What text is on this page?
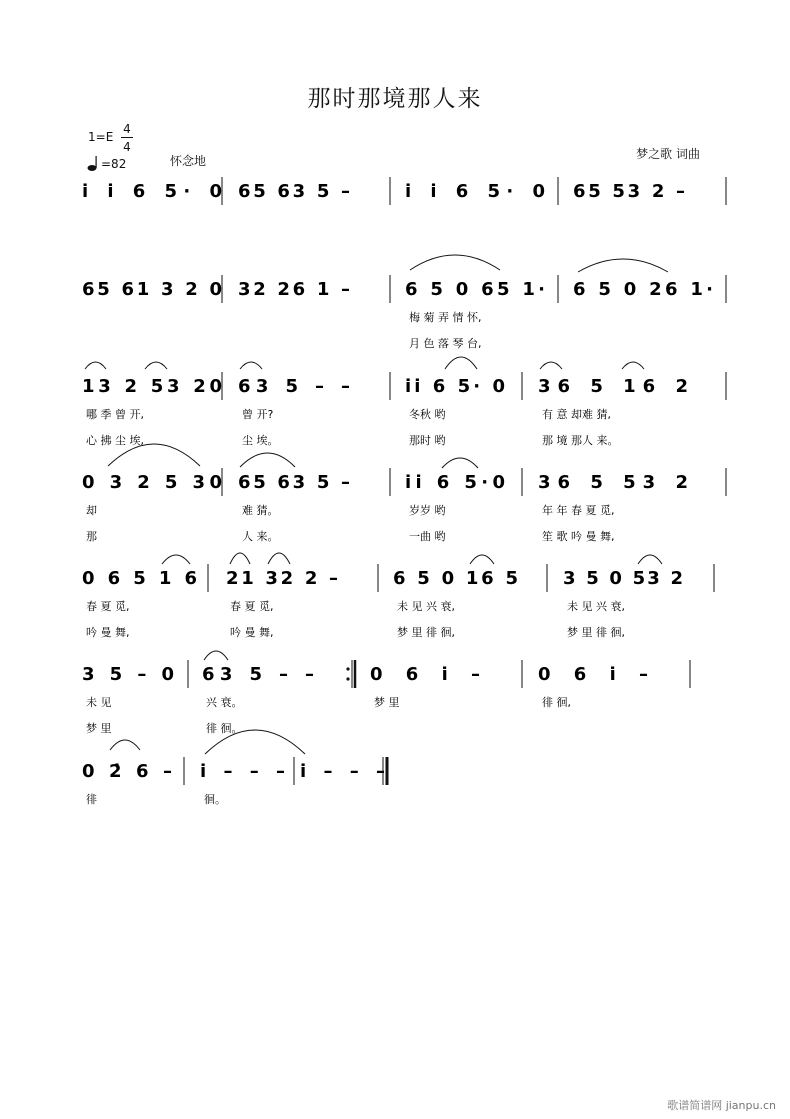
那时那境那人来
1=E
4
4
=82	怀念地	梦之歌 词曲
i̇ i̇ 6 5· 0 65 63 5 –	i̇ i̇ 6 5· 0 65 53 2 –
65 61 3 2 0 32 26 1 –	6 5 0 65 1· 6 5 0 26 1·
梅 菊 弄 情 怀,
月 色 落 琴 台,
13 2 53 20 63 5 – –	i̇i̇ 6 5· 0 36 5 16 2
哪 季 曾 开,	曾 开?	冬秋 哟	有 意 却难 猜,
心 拂 尘 埃,	尘 埃。	那时 哟	那 境 那人 来。
0 3 2 5 30 65 63 5 –	i̇i̇ 6 5·0 36 5 53 2
却	难 猜。	岁岁 哟	年 年 春 夏 觅,
那	人 来。	一曲 哟	笙 歌 吟 曼 舞,
0 6 5 1 6 21 32 2 –	6 5 0 16 5	3 5 0 53 2
春 夏 觅,	春 夏 觅,	未 见 兴 衰,	未 见 兴 衰,
吟 曼 舞,	吟 曼 舞,	梦 里 徘 徊,	梦 里 徘 徊,
3 5 – 0 63 5 – –	0 6 i̇ –	0 6 i̇ –
未 见	兴 衰。	梦 里	徘 徊,
梦 里	徘 徊。
0 2̇ 6 – i̇ – – – i̇ – – –
徘	徊。
歌谱简谱网 jianpu.cn
